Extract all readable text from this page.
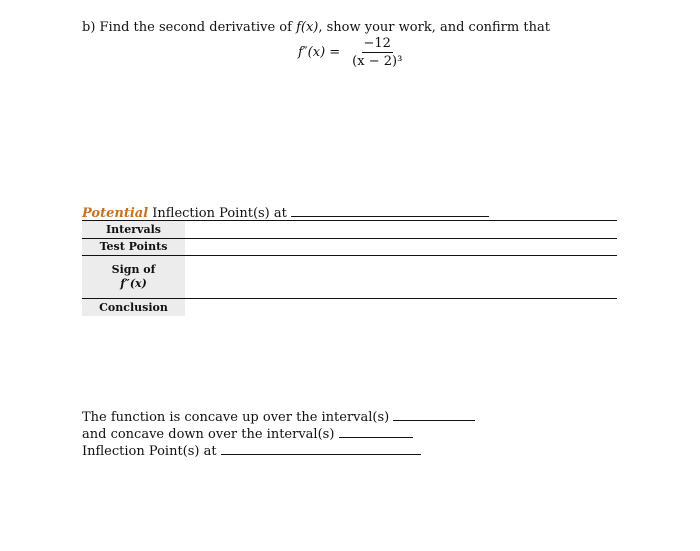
b) Find the second derivative of f(x), show your work, and confirm that
$f''(x) = \frac{-12}{\text{(x − 2)³}}$
Potential Inflection Point(s) at
Intervals
Test Points
Sign of
f″(x)
Conclusion
The function is concave up over the interval(s)
and concave down over the interval(s)
Inflection Point(s) at
